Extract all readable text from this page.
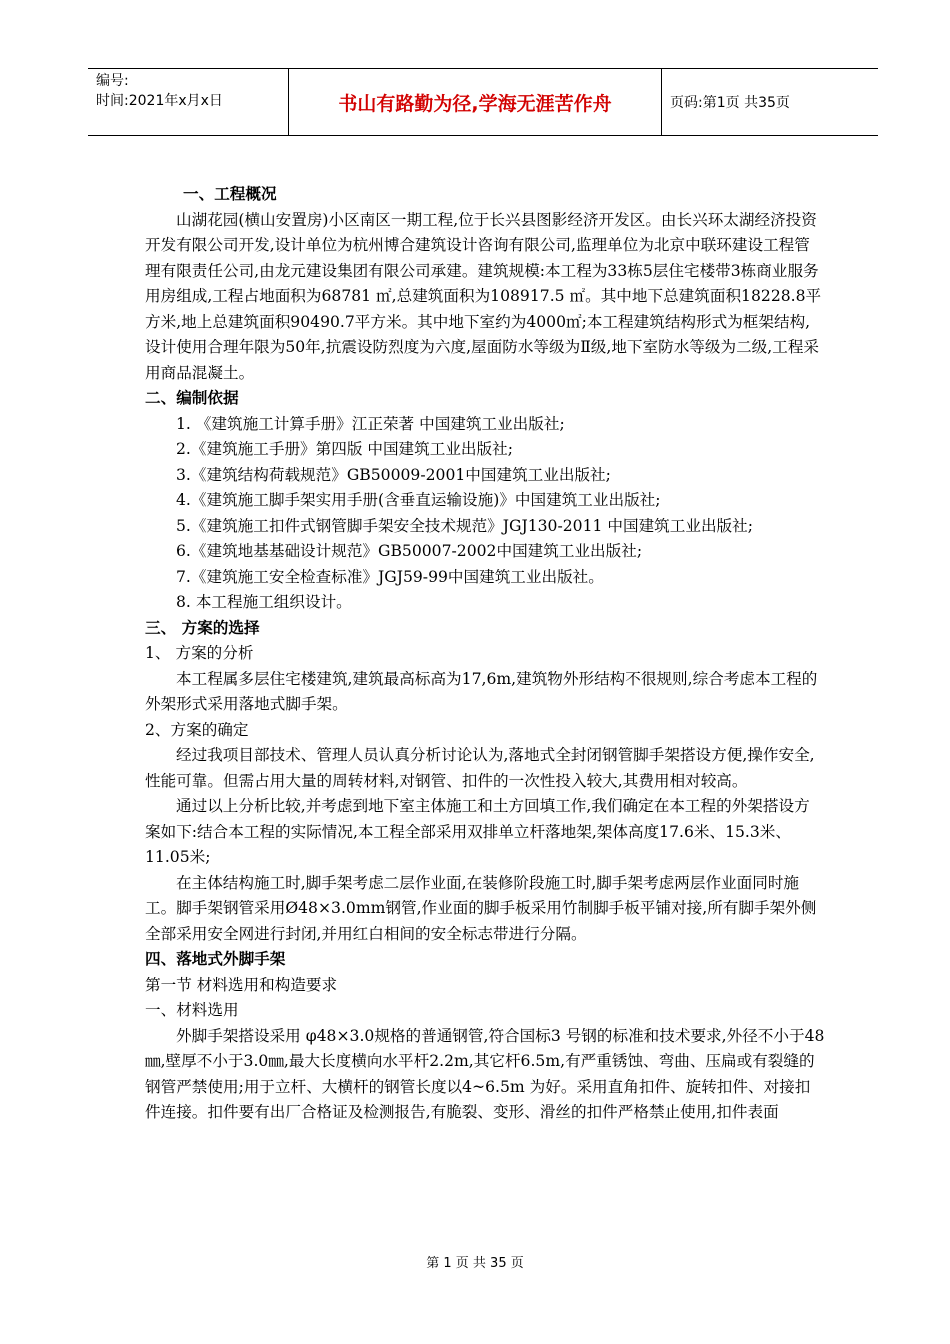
编号:
时间:2021年x月x日	书山有路勤为径,学海无涯苦作舟	页码:第1页 共35页

一、工程概况

山湖花园(横山安置房)小区南区一期工程,位于长兴县图影经济开发区。由长兴环太湖经济投资开发有限公司开发,设计单位为杭州博合建筑设计咨询有限公司,监理单位为北京中联环建设工程管理有限责任公司,由龙元建设集团有限公司承建。建筑规模:本工程为33栋5层住宅楼带3栋商业服务用房组成,工程占地面积为68781 ㎡,总建筑面积为108917.5 ㎡。其中地下总建筑面积18228.8平方米,地上总建筑面积90490.7平方米。其中地下室约为4000㎡;本工程建筑结构形式为框架结构,设计使用合理年限为50年,抗震设防烈度为六度,屋面防水等级为Ⅱ级,地下室防水等级为二级,工程采用商品混凝土。

二、编制依据

1. 《建筑施工计算手册》江正荣著 中国建筑工业出版社;

2.《建筑施工手册》第四版 中国建筑工业出版社;

3.《建筑结构荷载规范》GB50009-2001中国建筑工业出版社;

4.《建筑施工脚手架实用手册(含垂直运输设施)》中国建筑工业出版社;

5.《建筑施工扣件式钢管脚手架安全技术规范》JGJ130-2011 中国建筑工业出版社;

6.《建筑地基基础设计规范》GB50007-2002中国建筑工业出版社;

7.《建筑施工安全检查标准》JGJ59-99中国建筑工业出版社。

8. 本工程施工组织设计。

三、 方案的选择

1、 方案的分析

本工程属多层住宅楼建筑,建筑最高标高为17,6m,建筑物外形结构不很规则,综合考虑本工程的外架形式采用落地式脚手架。

2、方案的确定

经过我项目部技术、管理人员认真分析讨论认为,落地式全封闭钢管脚手架搭设方便,操作安全,性能可靠。但需占用大量的周转材料,对钢管、扣件的一次性投入较大,其费用相对较高。

通过以上分析比较,并考虑到地下室主体施工和土方回填工作,我们确定在本工程的外架搭设方案如下:结合本工程的实际情况,本工程全部采用双排单立杆落地架,架体高度17.6米、15.3米、11.05米;

在主体结构施工时,脚手架考虑二层作业面,在装修阶段施工时,脚手架考虑两层作业面同时施工。脚手架钢管采用Ø48×3.0mm钢管,作业面的脚手板采用竹制脚手板平铺对接,所有脚手架外侧全部采用安全网进行封闭,并用红白相间的安全标志带进行分隔。

四、落地式外脚手架

第一节 材料选用和构造要求

一、材料选用

外脚手架搭设采用 φ48×3.0规格的普通钢管,符合国标3 号钢的标准和技术要求,外径不小于48㎜,壁厚不小于3.0㎜,最大长度横向水平杆2.2m,其它杆6.5m,有严重锈蚀、弯曲、压扁或有裂缝的钢管严禁使用;用于立杆、大横杆的钢管长度以4~6.5m 为好。采用直角扣件、旋转扣件、对接扣件连接。扣件要有出厂合格证及检测报告,有脆裂、变形、滑丝的扣件严格禁止使用,扣件表面

第 1 页 共 35 页
